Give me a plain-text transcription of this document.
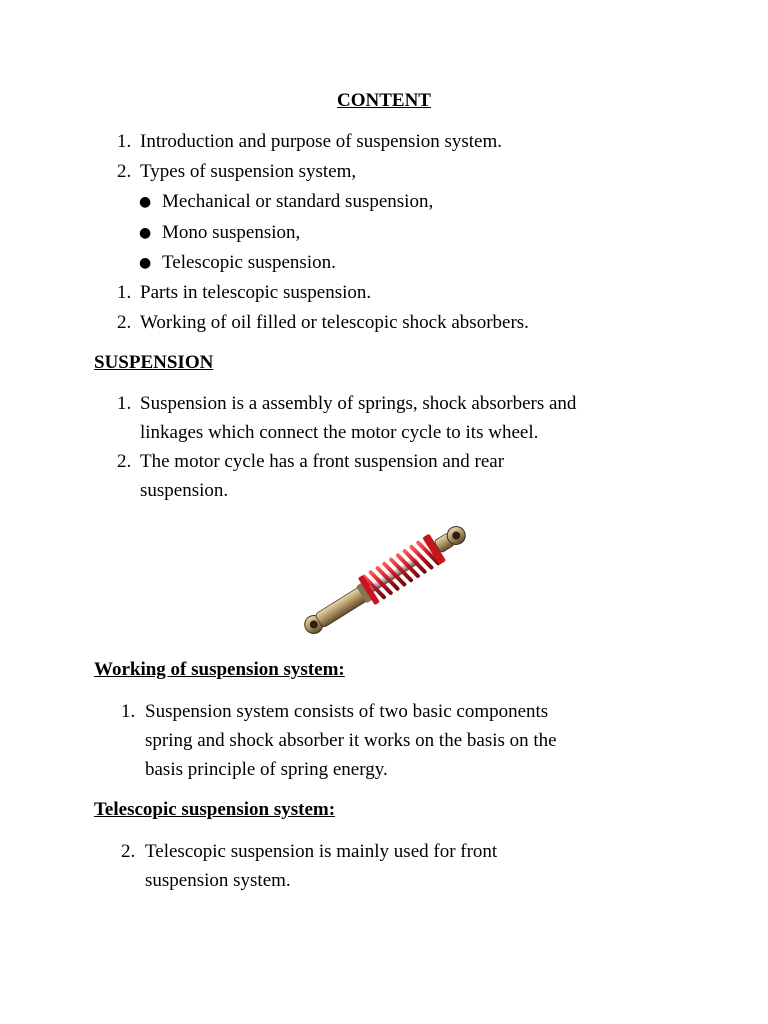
CONTENT
1. Introduction and purpose of suspension system.
2. Types of suspension system,
● Mechanical or standard suspension,
● Mono suspension,
● Telescopic suspension.
1. Parts in telescopic suspension.
2. Working of oil filled or telescopic shock absorbers.
SUSPENSION
1. Suspension is a assembly of springs, shock absorbers and
linkages which connect the motor cycle to its wheel.
2. The motor cycle has a front suspension and rear
suspension.
Working of suspension system:
1. Suspension system consists of two basic components
spring and shock absorber it works on the basis on the
basis principle of spring energy.
Telescopic suspension system:
2. Telescopic suspension is mainly used for front
suspension system.
